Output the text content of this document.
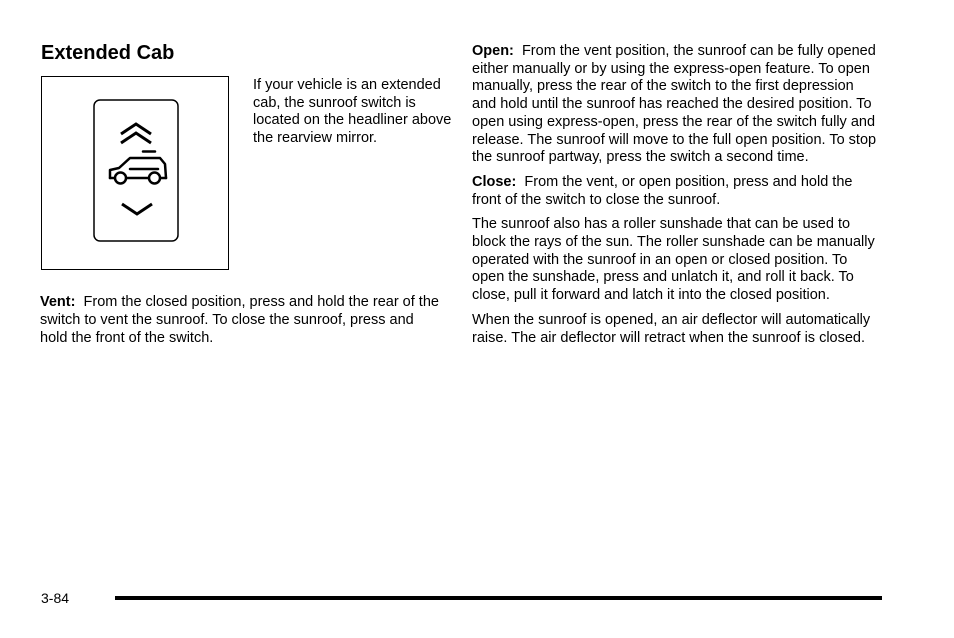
Extended Cab

If your vehicle is an extended cab, the sunroof switch is located on the headliner above the rearview mirror.

Vent: From the closed position, press and hold the rear of the switch to vent the sunroof. To close the sunroof, press and hold the front of the switch.

Open: From the vent position, the sunroof can be fully opened either manually or by using the express-open feature. To open manually, press the rear of the switch to the first depression and hold until the sunroof has reached the desired position. To open using express-open, press the rear of the switch fully and release. The sunroof will move to the full open position. To stop the sunroof partway, press the switch a second time.

Close: From the vent, or open position, press and hold the front of the switch to close the sunroof.

The sunroof also has a roller sunshade that can be used to block the rays of the sun. The roller sunshade can be manually operated with the sunroof in an open or closed position. To open the sunshade, press and unlatch it, and roll it back. To close, pull it forward and latch it into the closed position.

When the sunroof is opened, an air deflector will automatically raise. The air deflector will retract when the sunroof is closed.

3-84
